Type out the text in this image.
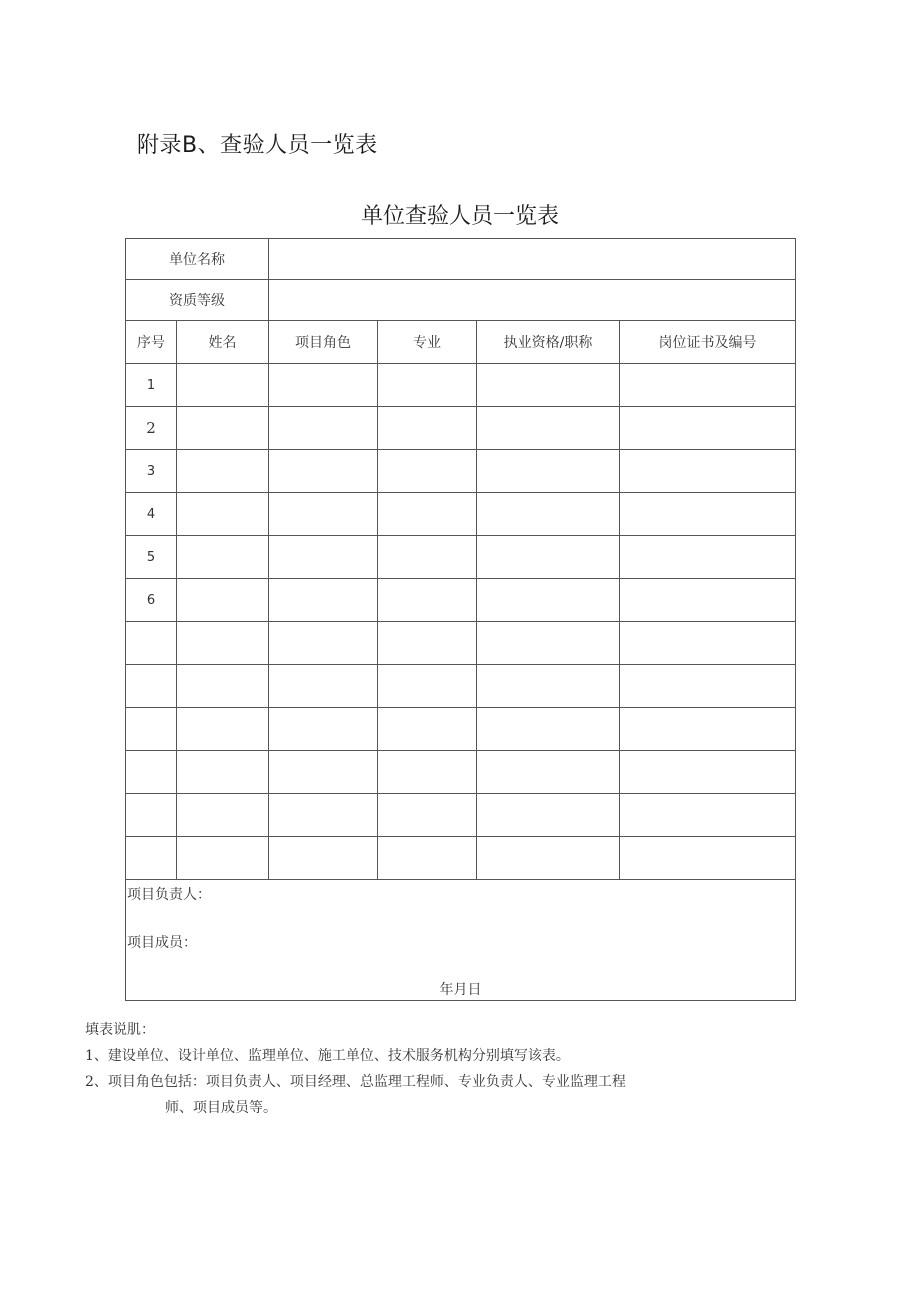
附录B、查验人员一览表
单位查验人员一览表
单位名称					
资质等级					
序号	姓名	项目角色	专业	执业资格/职称	岗位证书及编号
1					
2					
3					
4					
5					
6					

项目负责人：
项目成员：
年月日					
填表说肌：
1、建设单位、设计单位、监理单位、施工单位、技术服务机构分别填写该表。
2、项目角色包括：项目负责人、项目经理、总监理工程师、专业负责人、专业监理工程
师、项目成员等。
